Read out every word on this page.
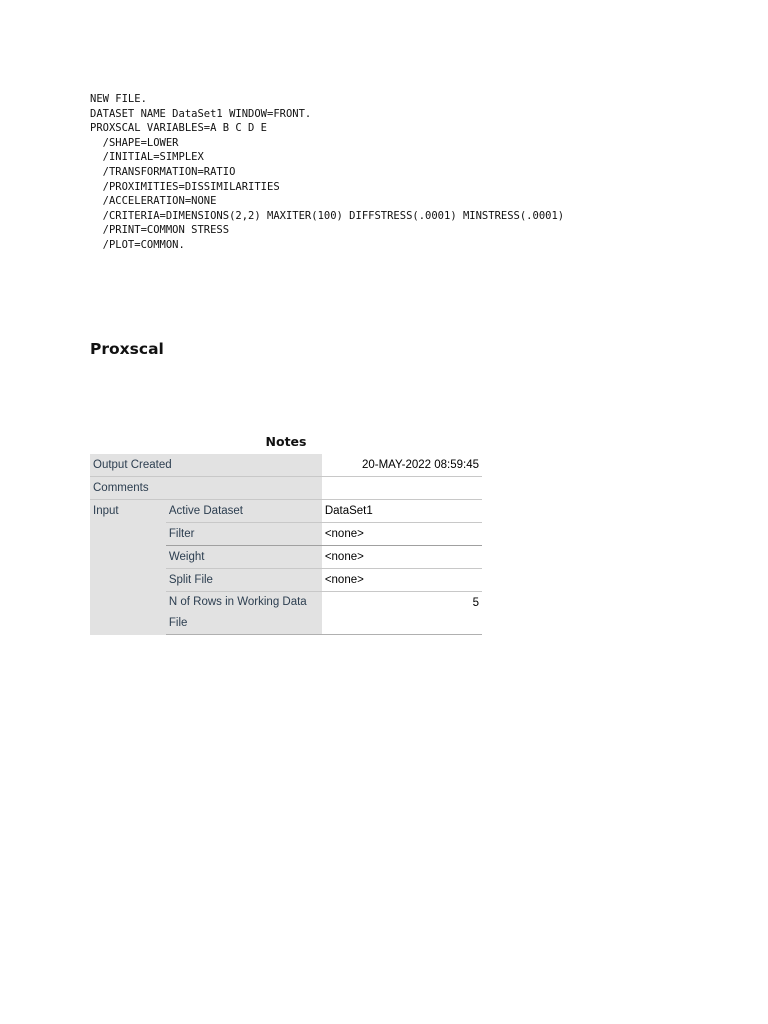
NEW FILE.
DATASET NAME DataSet1 WINDOW=FRONT.
PROXSCAL VARIABLES=A B C D E
/SHAPE=LOWER
/INITIAL=SIMPLEX
/TRANSFORMATION=RATIO
/PROXIMITIES=DISSIMILARITIES
/ACCELERATION=NONE
/CRITERIA=DIMENSIONS(2,2) MAXITER(100) DIFFSTRESS(.0001) MINSTRESS(.0001)
/PRINT=COMMON STRESS
/PLOT=COMMON.
Proxscal
Notes
Output Created		20-MAY-2022 08:59:45
Comments		
Input	Active Dataset	DataSet1
	Filter	<none>
	Weight	<none>
	Split File	<none>
	N of Rows in Working Data File	5
